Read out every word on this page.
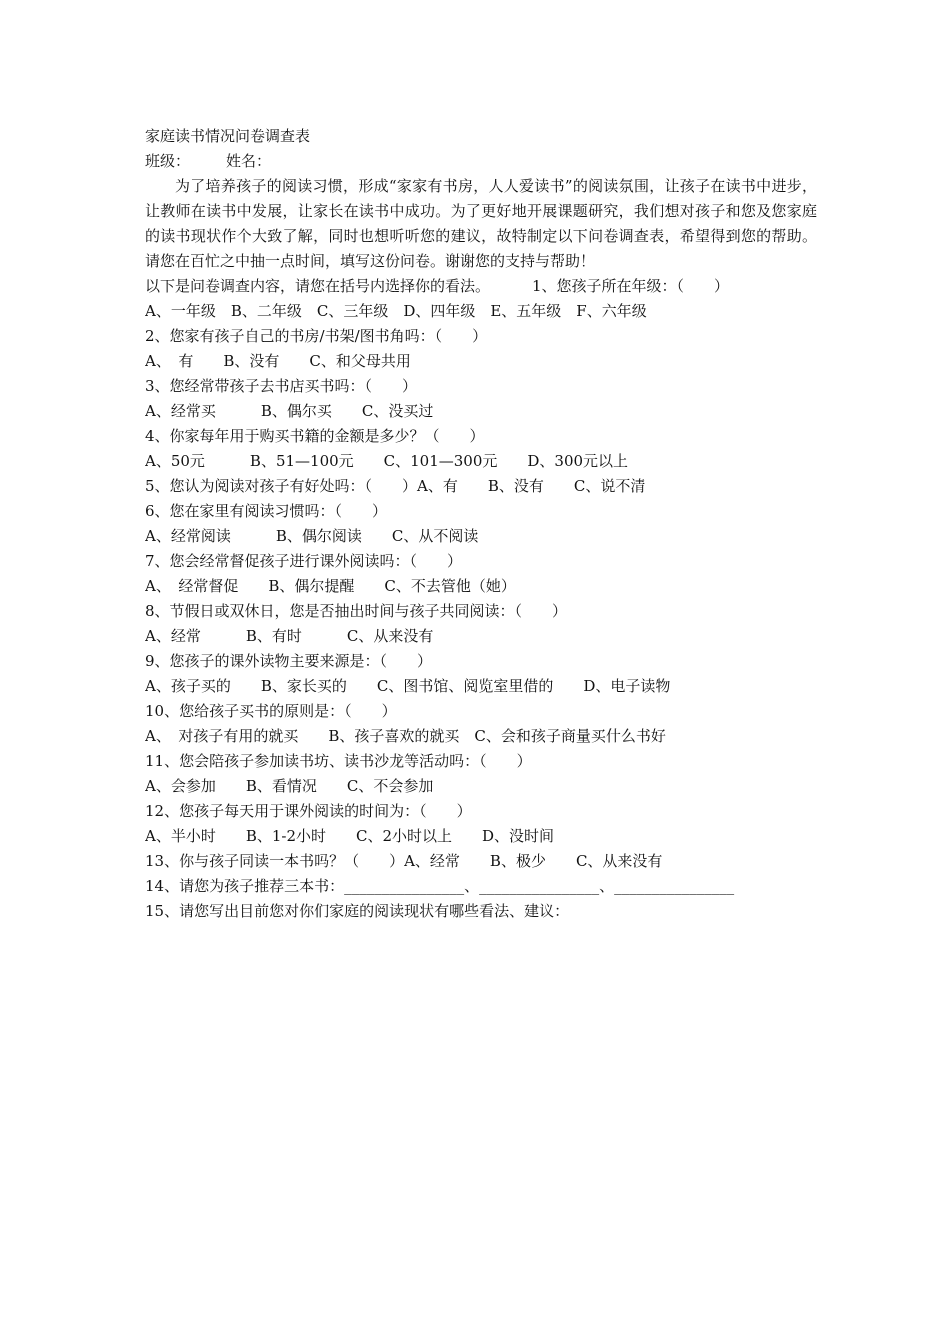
家庭读书情况问卷调查表
班级： 姓名：
为了培养孩子的阅读习惯，形成“家家有书房，人人爱读书”的阅读氛围，让孩子在读书中进步，让教师在读书中发展，让家长在读书中成功。为了更好地开展课题研究，我们想对孩子和您及您家庭的读书现状作个大致了解，同时也想听听您的建议，故特制定以下问卷调查表，希望得到您的帮助。请您在百忙之中抽一点时间，填写这份问卷。谢谢您的支持与帮助！
以下是问卷调查内容，请您在括号内选择你的看法。	1、您孩子所在年级：（　　）
A、一年级　B、二年级　C、三年级　D、四年级　E、五年级　F、六年级
2、您家有孩子自己的书房/书架/图书角吗：（　　）
A、　有　　B、没有　　C、和父母共用
3、您经常带孩子去书店买书吗：（　　）
A、经常买　　　B、偶尔买　　C、没买过
4、你家每年用于购买书籍的金额是多少？（　　）
A、50元　　　B、51—100元　　C、101—300元　　D、300元以上
5、您认为阅读对孩子有好处吗：（　　）A、有　　B、没有　　C、说不清
6、您在家里有阅读习惯吗：（　　）
A、经常阅读　　　B、偶尔阅读　　C、从不阅读
7、您会经常督促孩子进行课外阅读吗：（　　）
A、　经常督促　　B、偶尔提醒　　C、不去管他（她）
8、节假日或双休日，您是否抽出时间与孩子共同阅读：（　　）
A、经常　　　B、有时　　　C、从来没有
9、您孩子的课外读物主要来源是：（　　）
A、孩子买的　　B、家长买的　　C、图书馆、阅览室里借的　　D、电子读物
10、您给孩子买书的原则是：（　　）
A、　对孩子有用的就买　　B、孩子喜欢的就买　C、会和孩子商量买什么书好
11、您会陪孩子参加读书坊、读书沙龙等活动吗：（　　）
A、会参加　　B、看情况　　C、不会参加
12、您孩子每天用于课外阅读的时间为：（　　）
A、半小时　　B、1-2小时　　C、2小时以上　　D、没时间
13、你与孩子同读一本书吗？（　　）A、经常　　B、极少　　C、从来没有
14、请您为孩子推荐三本书：________________、________________、________________
15、请您写出目前您对你们家庭的阅读现状有哪些看法、建议：
